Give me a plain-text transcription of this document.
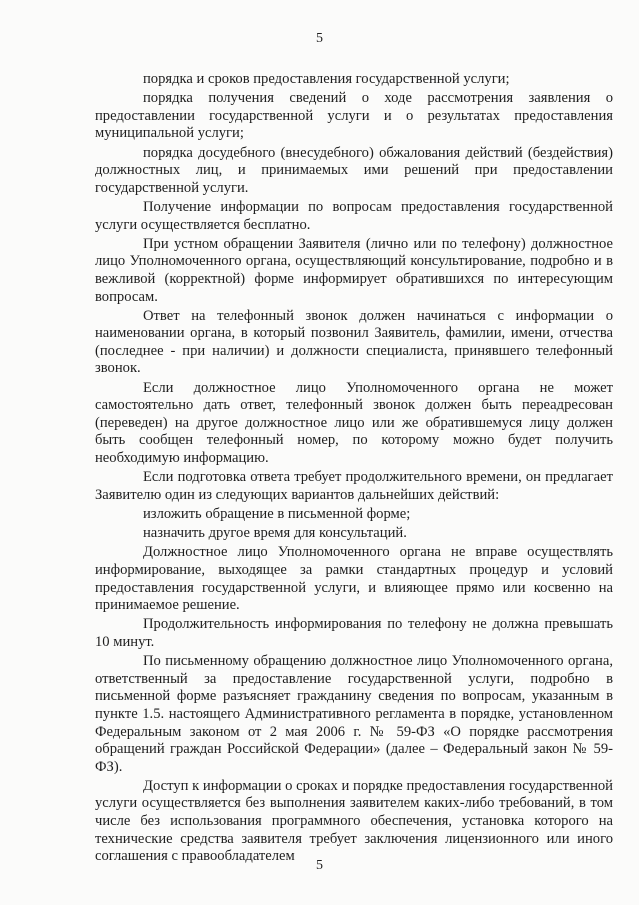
5

порядка и сроков предоставления государственной услуги;

порядка получения сведений о ходе рассмотрения заявления о предоставлении государственной услуги и о результатах предоставления муниципальной услуги;

порядка досудебного (внесудебного) обжалования действий (бездействия) должностных лиц, и принимаемых ими решений при предоставлении государственной услуги.

Получение информации по вопросам предоставления государственной услуги осуществляется бесплатно.

При устном обращении Заявителя (лично или по телефону) должностное лицо Уполномоченного органа, осуществляющий консультирование, подробно и в вежливой (корректной) форме информирует обратившихся по интересующим вопросам.

Ответ на телефонный звонок должен начинаться с информации о наименовании органа, в который позвонил Заявитель, фамилии, имени, отчества (последнее - при наличии) и должности специалиста, принявшего телефонный звонок.

Если должностное лицо Уполномоченного органа не может самостоятельно дать ответ, телефонный звонок должен быть переадресован (переведен) на другое должностное лицо или же обратившемуся лицу должен быть сообщен телефонный номер, по которому можно будет получить необходимую информацию.

Если подготовка ответа требует продолжительного времени, он предлагает Заявителю один из следующих вариантов дальнейших действий:

изложить обращение в письменной форме;

назначить другое время для консультаций.

Должностное лицо Уполномоченного органа не вправе осуществлять информирование, выходящее за рамки стандартных процедур и условий предоставления государственной услуги, и влияющее прямо или косвенно на принимаемое решение.

Продолжительность информирования по телефону не должна превышать 10 минут.

По письменному обращению должностное лицо Уполномоченного органа, ответственный за предоставление государственной услуги, подробно в письменной форме разъясняет гражданину сведения по вопросам, указанным в пункте 1.5. настоящего Административного регламента в порядке, установленном Федеральным законом от 2 мая 2006 г. № 59-ФЗ «О порядке рассмотрения обращений граждан Российской Федерации» (далее – Федеральный закон № 59-ФЗ).

Доступ к информации о сроках и порядке предоставления государственной услуги осуществляется без выполнения заявителем каких-либо требований, в том числе без использования программного обеспечения, установка которого на технические средства заявителя требует заключения лицензионного или иного соглашения с правообладателем

5
